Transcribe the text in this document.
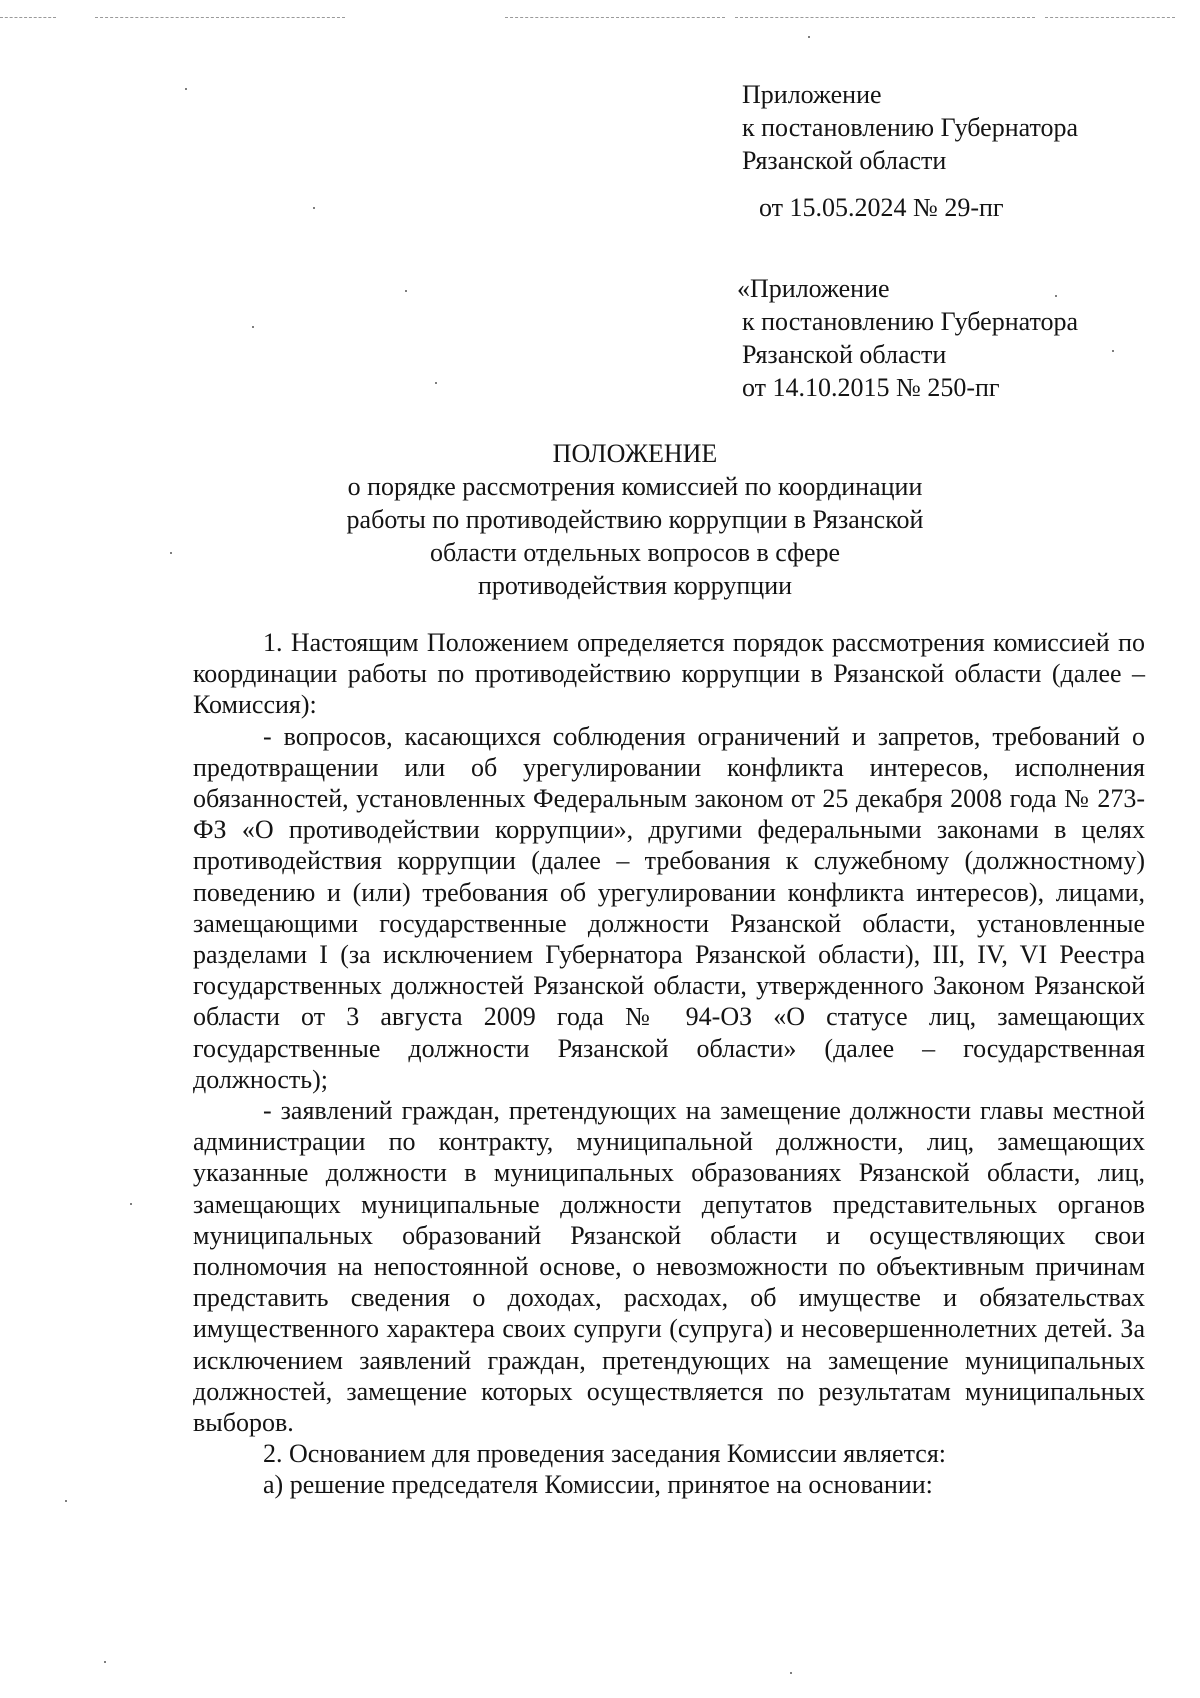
Приложение

к постановлению Губернатора

Рязанской области

от 15.05.2024 № 29-пг

«Приложение

к постановлению Губернатора

Рязанской области

от 14.10.2015 № 250-пг

ПОЛОЖЕНИЕ

о порядке рассмотрения комиссией по координации

работы по противодействию коррупции в Рязанской

области отдельных вопросов в сфере

противодействия коррупции

1. Настоящим Положением определяется порядок рассмотрения комиссией по координации работы по противодействию коррупции в Рязанской области (далее – Комиссия):

- вопросов, касающихся соблюдения ограничений и запретов, требований о предотвращении или об урегулировании конфликта интересов, исполнения обязанностей, установленных Федеральным законом от 25 декабря 2008 года № 273-ФЗ «О противодействии коррупции», другими федеральными законами в целях противодействия коррупции (далее – требования к служебному (должностному) поведению и (или) требования об урегулировании конфликта интересов), лицами, замещающими государственные должности Рязанской области, установленные разделами I (за исключением Губернатора Рязанской области), III, IV, VI Реестра государственных должностей Рязанской области, утвержденного Законом Рязанской области от 3 августа 2009 года № 94-ОЗ «О статусе лиц, замещающих государственные должности Рязанской области» (далее – государственная должность);

- заявлений граждан, претендующих на замещение должности главы местной администрации по контракту, муниципальной должности, лиц, замещающих указанные должности в муниципальных образованиях Рязанской области, лиц, замещающих муниципальные должности депутатов представительных органов муниципальных образований Рязанской области и осуществляющих свои полномочия на непостоянной основе, о невозможности по объективным причинам представить сведения о доходах, расходах, об имуществе и обязательствах имущественного характера своих супруги (супруга) и несовершеннолетних детей. За исключением заявлений граждан, претендующих на замещение муниципальных должностей, замещение которых осуществляется по результатам муниципальных выборов.

2. Основанием для проведения заседания Комиссии является:

а) решение председателя Комиссии, принятое на основании:
